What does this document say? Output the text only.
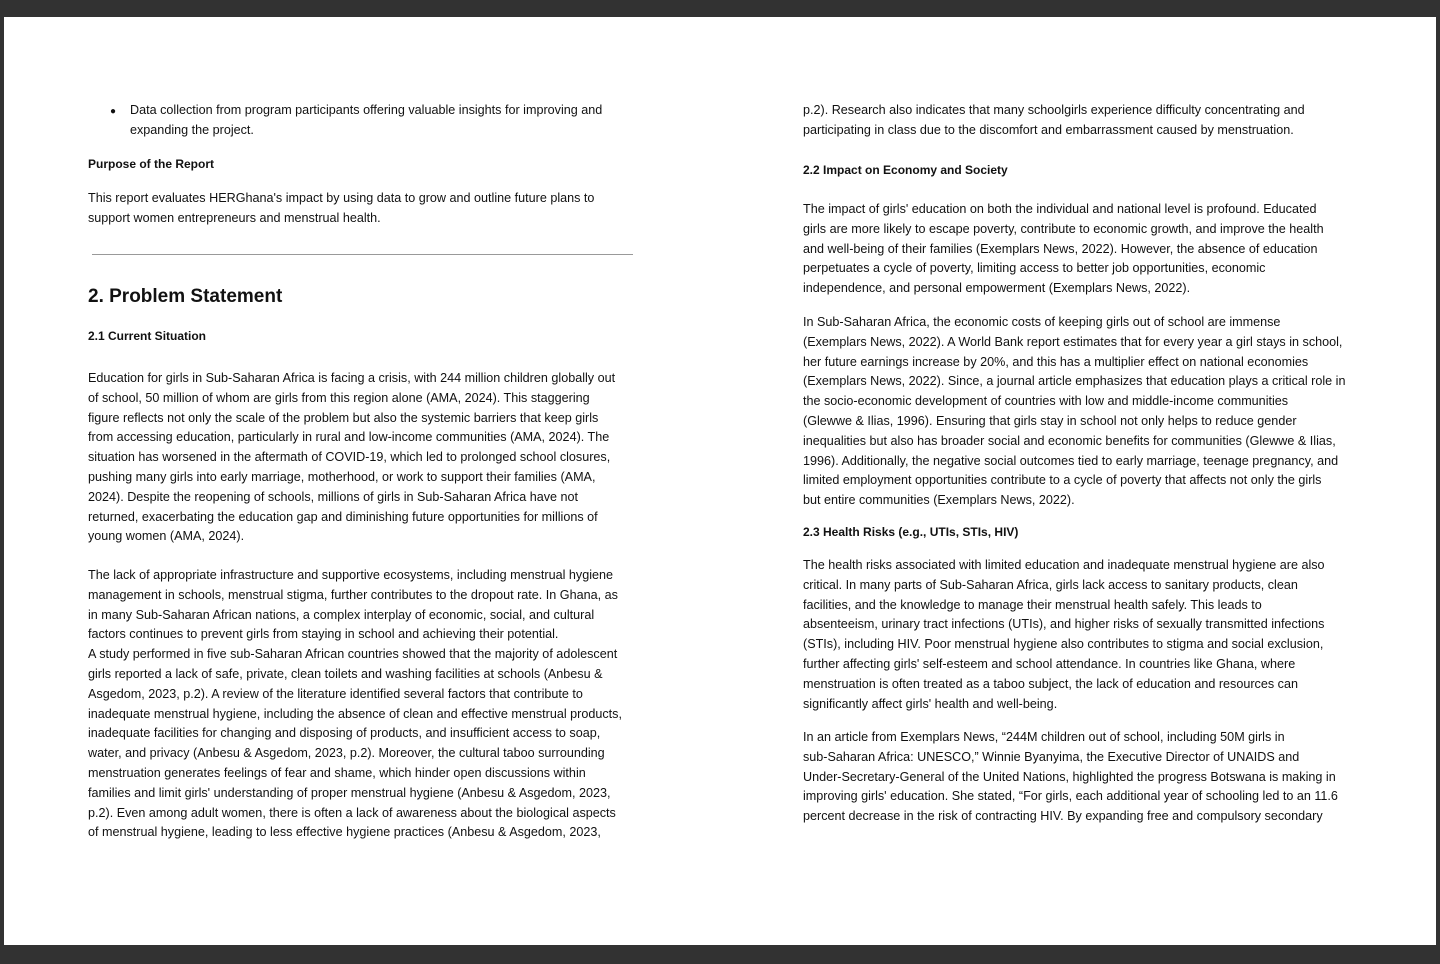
● Data collection from program participants offering valuable insights for improving and
expanding the project.
Purpose of the Report
This report evaluates HERGhana's impact by using data to grow and outline future plans to
support women entrepreneurs and menstrual health.
2. Problem Statement
2.1 Current Situation
Education for girls in Sub-Saharan Africa is facing a crisis, with 244 million children globally out
of school, 50 million of whom are girls from this region alone (AMA, 2024). This staggering
figure reflects not only the scale of the problem but also the systemic barriers that keep girls
from accessing education, particularly in rural and low-income communities (AMA, 2024). The
situation has worsened in the aftermath of COVID-19, which led to prolonged school closures,
pushing many girls into early marriage, motherhood, or work to support their families (AMA,
2024). Despite the reopening of schools, millions of girls in Sub-Saharan Africa have not
returned, exacerbating the education gap and diminishing future opportunities for millions of
young women (AMA, 2024).
The lack of appropriate infrastructure and supportive ecosystems, including menstrual hygiene
management in schools, menstrual stigma, further contributes to the dropout rate. In Ghana, as
in many Sub-Saharan African nations, a complex interplay of economic, social, and cultural
factors continues to prevent girls from staying in school and achieving their potential.
A study performed in five sub-Saharan African countries showed that the majority of adolescent
girls reported a lack of safe, private, clean toilets and washing facilities at schools (Anbesu &
Asgedom, 2023, p.2). A review of the literature identified several factors that contribute to
inadequate menstrual hygiene, including the absence of clean and effective menstrual products,
inadequate facilities for changing and disposing of products, and insufficient access to soap,
water, and privacy (Anbesu & Asgedom, 2023, p.2). Moreover, the cultural taboo surrounding
menstruation generates feelings of fear and shame, which hinder open discussions within
families and limit girls' understanding of proper menstrual hygiene (Anbesu & Asgedom, 2023,
p.2). Even among adult women, there is often a lack of awareness about the biological aspects
of menstrual hygiene, leading to less effective hygiene practices (Anbesu & Asgedom, 2023,
p.2). Research also indicates that many schoolgirls experience difficulty concentrating and
participating in class due to the discomfort and embarrassment caused by menstruation.
2.2 Impact on Economy and Society
The impact of girls' education on both the individual and national level is profound. Educated
girls are more likely to escape poverty, contribute to economic growth, and improve the health
and well-being of their families (Exemplars News, 2022). However, the absence of education
perpetuates a cycle of poverty, limiting access to better job opportunities, economic
independence, and personal empowerment (Exemplars News, 2022).
In Sub-Saharan Africa, the economic costs of keeping girls out of school are immense
(Exemplars News, 2022). A World Bank report estimates that for every year a girl stays in school,
her future earnings increase by 20%, and this has a multiplier effect on national economies
(Exemplars News, 2022). Since, a journal article emphasizes that education plays a critical role in
the socio-economic development of countries with low and middle-income communities
(Glewwe & Ilias, 1996). Ensuring that girls stay in school not only helps to reduce gender
inequalities but also has broader social and economic benefits for communities (Glewwe & Ilias,
1996). Additionally, the negative social outcomes tied to early marriage, teenage pregnancy, and
limited employment opportunities contribute to a cycle of poverty that affects not only the girls
but entire communities (Exemplars News, 2022).
2.3 Health Risks (e.g., UTIs, STIs, HIV)
The health risks associated with limited education and inadequate menstrual hygiene are also
critical. In many parts of Sub-Saharan Africa, girls lack access to sanitary products, clean
facilities, and the knowledge to manage their menstrual health safely. This leads to
absenteeism, urinary tract infections (UTIs), and higher risks of sexually transmitted infections
(STIs), including HIV. Poor menstrual hygiene also contributes to stigma and social exclusion,
further affecting girls' self-esteem and school attendance. In countries like Ghana, where
menstruation is often treated as a taboo subject, the lack of education and resources can
significantly affect girls' health and well-being.
In an article from Exemplars News, “244M children out of school, including 50M girls in
sub-Saharan Africa: UNESCO,” Winnie Byanyima, the Executive Director of UNAIDS and
Under-Secretary-General of the United Nations, highlighted the progress Botswana is making in
improving girls' education. She stated, “For girls, each additional year of schooling led to an 11.6
percent decrease in the risk of contracting HIV. By expanding free and compulsory secondary
